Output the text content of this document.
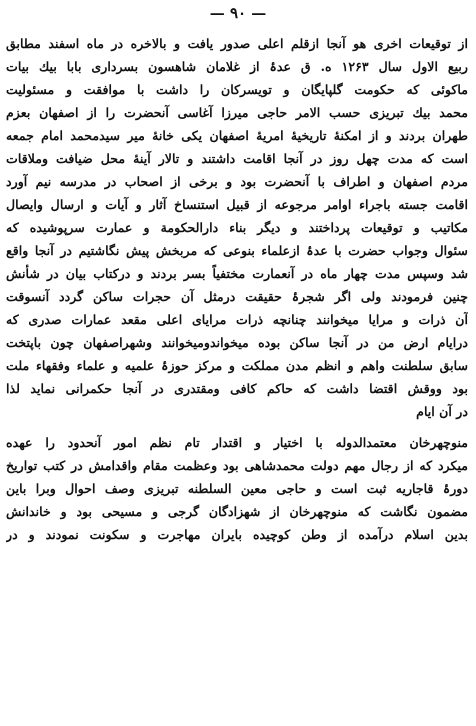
— ۹۰ —
از توقیعات اخری هو آنجا ازقلم اعلی صدور یافت و بالاخره در ماه اسفند مطابق
ربیع الاول سال ۱۲۶۳ ه. ق عدۂ از غلامان شاهسون بسرداری بابا بیك بیات
ماکوئی که حکومت گلپایگان و تویسرکان را داشت با موافقت و مسئولیت
محمد بیك تبریزی حسب الامر حاجی میرزا آغاسی آنحضرت را از اصفهان بعزم
طهران بردند و از امکنهٔ تاریخیهٔ امریهٔ اصفهان یکی خانهٔ میر سیدمحمد امام جمعه
است که مدت چهل روز در آنجا اقامت داشتند و تالار آینهٔ محل ضیافت وملاقات
مردم اصفهان و اطراف با آنحضرت بود و برخی از اصحاب در مدرسه نیم آورد
اقامت جسته باجراء اوامر مرجوعه از قبیل استنساخ آثار و آیات و ارسال وایصال
مکاتیب و توقیعات پرداختند و دیگر بناء دارالحکومة و عمارت سرپوشیده که
سئوال وجواب حضرت با عدۂ ازعلماء بنوعی که مربخش پیش نگاشتیم در آنجا واقع
شد وسپس مدت چهار ماه در آنعمارت مختفیاً بسر بردند و درکتاب بیان در شأنش
چنین فرمودند ولی اگر شجرۂ حقیقت درمثل آن حجرات ساکن گردد آنسوقت
آن ذرات و مرایا میخوانند چنانچه ذرات مرایای اعلی مقعد عمارات صدری که
درایام ارض من در آنجا ساکن بوده میخواندومیخوانند وشهراصفهان چون باپتخت
سابق سلطنت واهم و انظم مدن مملکت و مرکز حوزۂ علمیه و علماء وفقهاء ملت
بود ووقش اقتضا داشت که حاکم کافی ومقتدری در آنجا حکمرانی نماید لذا
در آن ایام
منوچهرخان معتمدالدوله با اختیار و اقتدار تام نظم امور آنحدود را عهده
میکرد که از رجال مهم دولت محمدشاهی بود وعظمت مقام واقدامش در کتب تواریخ
دورۂ قاجاریه ثبت است و حاجی معین السلطنه تبریزی وصف احوال وبرا باین
مضمون نگاشت که منوچهرخان از شهزادگان گرجی و مسیحی بود و خاندانش
بدین اسلام درآمده از وطن کوچیده بایران مهاجرت و سکونت نمودند و در
